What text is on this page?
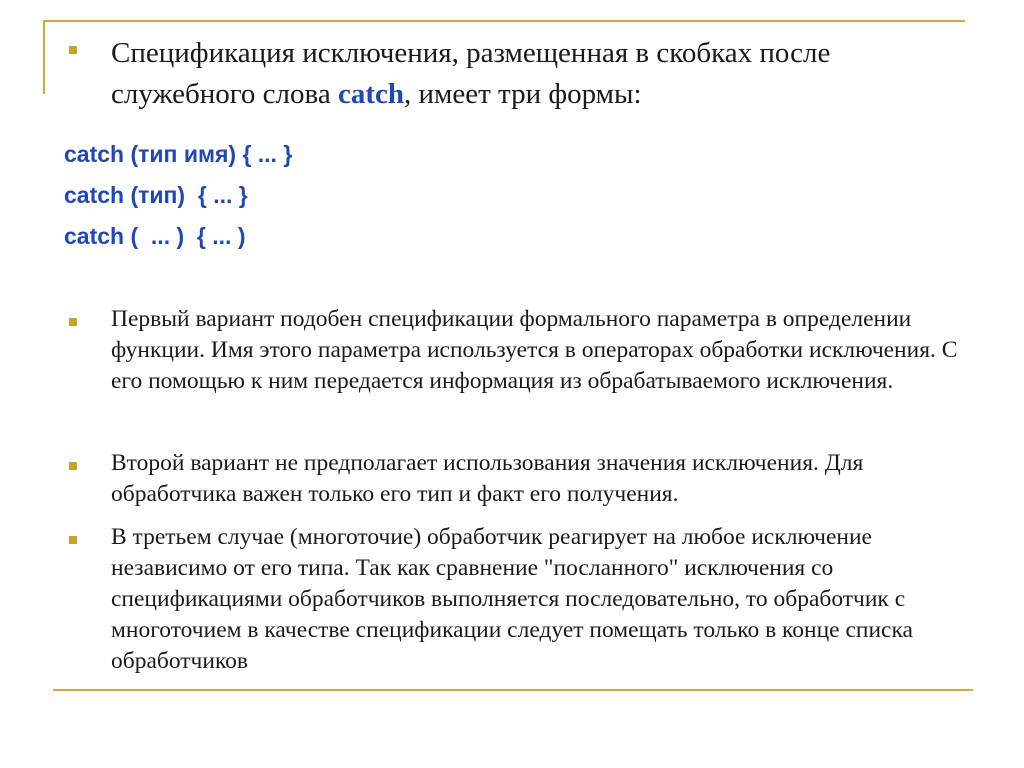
Спецификация исключения, размещенная в скобках после служебного слова catch, имеет три формы:
catch (тип имя) { ... }
catch (тип)  { ... }
catch (  ... )  { ... )
Первый вариант подобен спецификации формального параметра в определении функции. Имя этого параметра используется в операторах обработки исключения. С его помощью к ним передается информация из обрабатываемого исключения.
Второй вариант не предполагает использования значения исключения. Для обработчика важен только его тип и факт его получения.
В третьем случае (многоточие) обработчик реагирует на любое исключение независимо от его типа. Так как сравнение "посланного" исключения со спецификациями обработчиков выполняется последовательно, то обработчик с многоточием в качестве спецификации следует помещать только в конце списка обработчиков
